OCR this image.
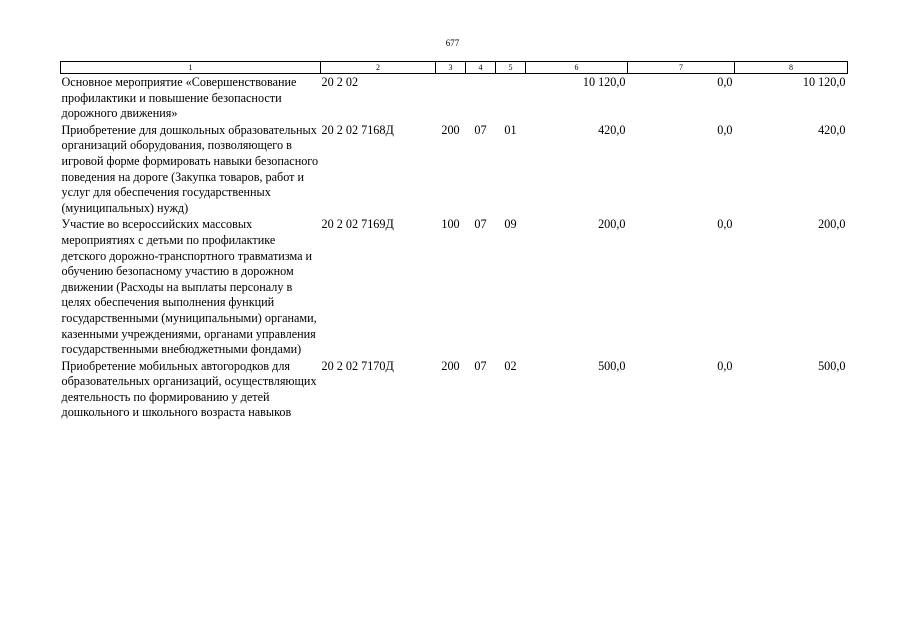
677
1	2	3	4	5	6	7	8
Основное мероприятие «Совершенствование профилактики и повышение безопасности дорожного движения»	20 2 02				10 120,0	0,0	10 120,0
Приобретение для дошкольных образовательных организаций оборудования, позволяющего в игровой форме формировать навыки безопасного поведения на дороге (Закупка товаров, работ и услуг для обеспечения государственных (муниципальных) нужд)	20 2 02 7168Д	200	07	01	420,0	0,0	420,0
Участие во всероссийских массовых мероприятиях с детьми по профилактике детского дорожно-транспортного травматизма и обучению безопасному участию в дорожном движении (Расходы на выплаты персоналу в целях обеспечения выполнения функций государственными (муниципальными) органами, казенными учреждениями, органами управления государственными внебюджетными фондами)	20 2 02 7169Д	100	07	09	200,0	0,0	200,0
Приобретение мобильных автогородков для образовательных организаций, осуществляющих деятельность по формированию у детей дошкольного и школьного возраста навыков	20 2 02 7170Д	200	07	02	500,0	0,0	500,0
